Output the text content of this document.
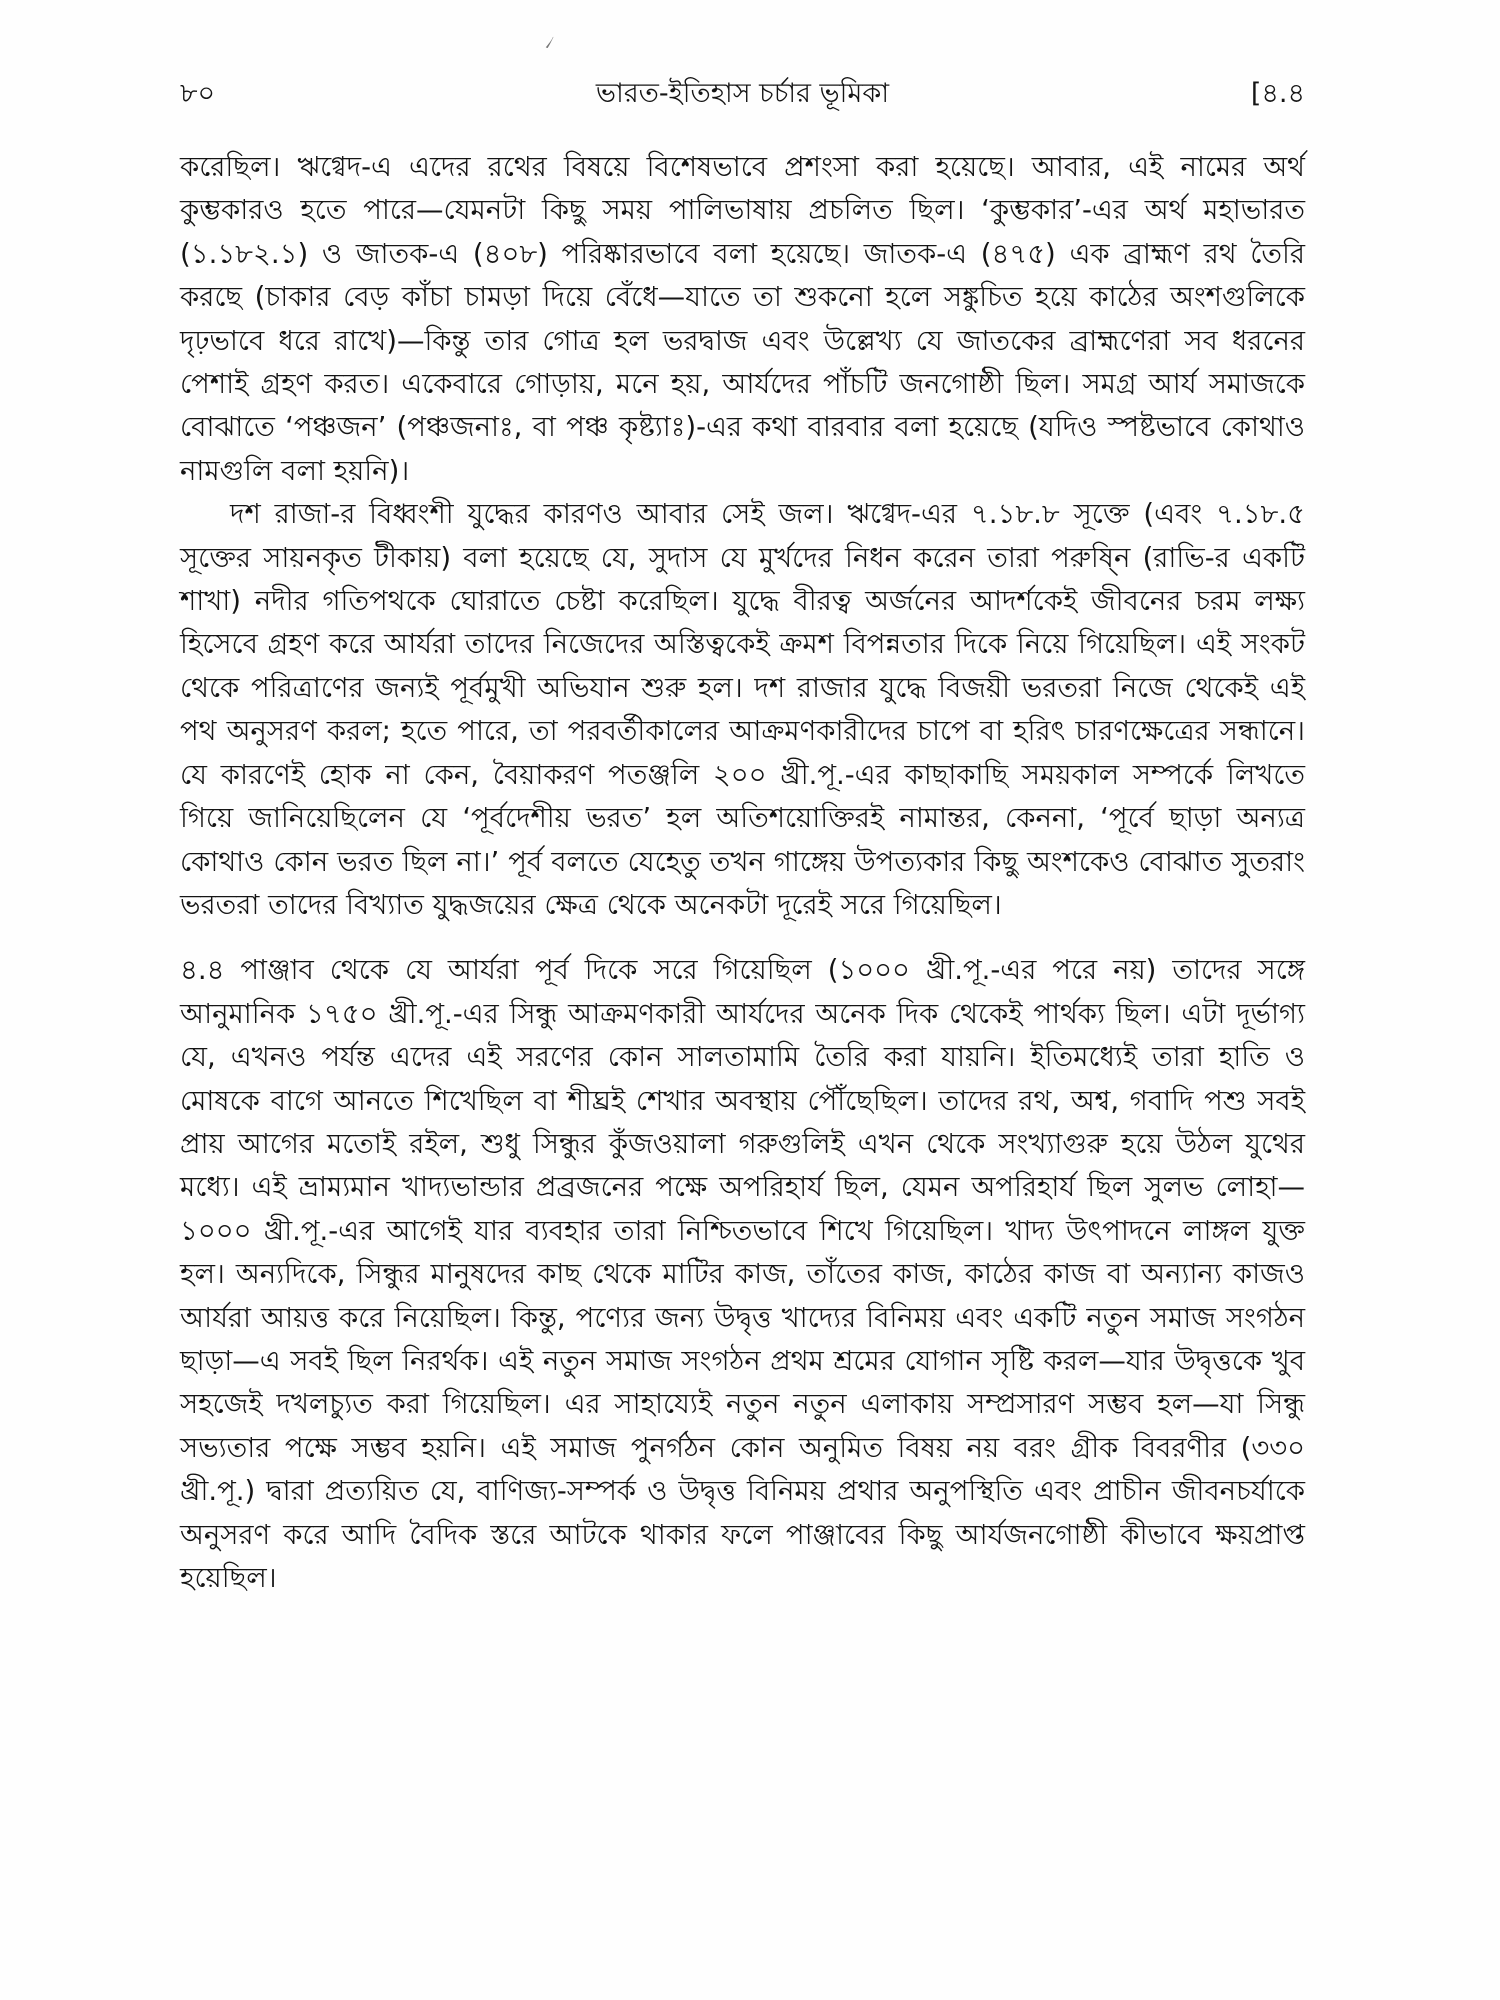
৴
৮০	ভারত-ইতিহাস চর্চার ভূমিকা	[৪.৪

করেছিল। ঋগ্বেদ-এ এদের রথের বিষয়ে বিশেষভাবে প্রশংসা করা হয়েছে। আবার, এই নামের অর্থ কুম্ভকারও হতে পারে—যেমনটা কিছু সময় পালিভাষায় প্রচলিত ছিল। ‘কুম্ভকার’-এর অর্থ মহাভারত (১.১৮২.১) ও জাতক-এ (৪০৮) পরিষ্কারভাবে বলা হয়েছে। জাতক-এ (৪৭৫) এক ব্রাহ্মণ রথ তৈরি করছে (চাকার বেড় কাঁচা চামড়া দিয়ে বেঁধে—যাতে তা শুকনো হলে সঙ্কুচিত হয়ে কাঠের অংশগুলিকে দৃঢ়ভাবে ধরে রাখে)—কিন্তু তার গোত্র হল ভরদ্বাজ এবং উল্লেখ্য যে জাতকের ব্রাহ্মণেরা সব ধরনের পেশাই গ্রহণ করত। একেবারে গোড়ায়, মনে হয়, আর্যদের পাঁচটি জনগোষ্ঠী ছিল। সমগ্র আর্য সমাজকে বোঝাতে ‘পঞ্চজন’ (পঞ্চজনাঃ, বা পঞ্চ কৃষ্ট্যাঃ)-এর কথা বারবার বলা হয়েছে (যদিও স্পষ্টভাবে কোথাও নামগুলি বলা হয়নি)।

দশ রাজা-র বিধ্বংশী যুদ্ধের কারণও আবার সেই জল। ঋগ্বেদ-এর ৭.১৮.৮ সূক্তে (এবং ৭.১৮.৫ সূক্তের সায়নকৃত টীকায়) বলা হয়েছে যে, সুদাস যে মুর্খদের নিধন করেন তারা পরুষ্নি (রাভি-র একটি শাখা) নদীর গতিপথকে ঘোরাতে চেষ্টা করেছিল। যুদ্ধে বীরত্ব অর্জনের আদর্শকেই জীবনের চরম লক্ষ্য হিসেবে গ্রহণ করে আর্যরা তাদের নিজেদের অস্তিত্বকেই ক্রমশ বিপন্নতার দিকে নিয়ে গিয়েছিল। এই সংকট থেকে পরিত্রাণের জন্যই পূর্বমুখী অভিযান শুরু হল। দশ রাজার যুদ্ধে বিজয়ী ভরতরা নিজে থেকেই এই পথ অনুসরণ করল; হতে পারে, তা পরবর্তীকালের আক্রমণকারীদের চাপে বা হরিৎ চারণক্ষেত্রের সন্ধানে। যে কারণেই হোক না কেন, বৈয়াকরণ পতঞ্জলি ২০০ খ্রী.পূ.-এর কাছাকাছি সময়কাল সম্পর্কে লিখতে গিয়ে জানিয়েছিলেন যে ‘পূর্বদেশীয় ভরত’ হল অতিশয়োক্তিরই নামান্তর, কেননা, ‘পূর্বে ছাড়া অন্যত্র কোথাও কোন ভরত ছিল না।’ পূর্ব বলতে যেহেতু তখন গাঙ্গেয় উপত্যকার কিছু অংশকেও বোঝাত সুতরাং ভরতরা তাদের বিখ্যাত যুদ্ধজয়ের ক্ষেত্র থেকে অনেকটা দূরেই সরে গিয়েছিল।

৪.৪ পাঞ্জাব থেকে যে আর্যরা পূর্ব দিকে সরে গিয়েছিল (১০০০ খ্রী.পূ.-এর পরে নয়) তাদের সঙ্গে আনুমানিক ১৭৫০ খ্রী.পূ.-এর সিন্ধু আক্রমণকারী আর্যদের অনেক দিক থেকেই পার্থক্য ছিল। এটা দূর্ভাগ্য যে, এখনও পর্যন্ত এদের এই সরণের কোন সালতামামি তৈরি করা যায়নি। ইতিমধ্যেই তারা হাতি ও মোষকে বাগে আনতে শিখেছিল বা শীঘ্রই শেখার অবস্থায় পৌঁছেছিল। তাদের রথ, অশ্ব, গবাদি পশু সবই প্রায় আগের মতোই রইল, শুধু সিন্ধুর কুঁজওয়ালা গরুগুলিই এখন থেকে সংখ্যাগুরু হয়ে উঠল যুথের মধ্যে। এই ভ্রাম্যমান খাদ্যভান্ডার প্রব্রজনের পক্ষে অপরিহার্য ছিল, যেমন অপরিহার্য ছিল সুলভ লোহা—১০০০ খ্রী.পূ.-এর আগেই যার ব্যবহার তারা নিশ্চিতভাবে শিখে গিয়েছিল। খাদ্য উৎপাদনে লাঙ্গল যুক্ত হল। অন্যদিকে, সিন্ধুর মানুষদের কাছ থেকে মাটির কাজ, তাঁতের কাজ, কাঠের কাজ বা অন্যান্য কাজও আর্যরা আয়ত্ত করে নিয়েছিল। কিন্তু, পণ্যের জন্য উদ্বৃত্ত খাদ্যের বিনিময় এবং একটি নতুন সমাজ সংগঠন ছাড়া—এ সবই ছিল নিরর্থক। এই নতুন সমাজ সংগঠন প্রথম শ্রমের যোগান সৃষ্টি করল—যার উদ্বৃত্তকে খুব সহজেই দখলচ্যুত করা গিয়েছিল। এর সাহায্যেই নতুন নতুন এলাকায় সম্প্রসারণ সম্ভব হল—যা সিন্ধু সভ্যতার পক্ষে সম্ভব হয়নি। এই সমাজ পুনর্গঠন কোন অনুমিত বিষয় নয় বরং গ্রীক বিবরণীর (৩৩০ খ্রী.পূ.) দ্বারা প্রত্যয়িত যে, বাণিজ্য-সম্পর্ক ও উদ্বৃত্ত বিনিময় প্রথার অনুপস্থিতি এবং প্রাচীন জীবনচর্যাকে অনুসরণ করে আদি বৈদিক স্তরে আটকে থাকার ফলে পাঞ্জাবের কিছু আর্যজনগোষ্ঠী কীভাবে ক্ষয়প্রাপ্ত হয়েছিল।
